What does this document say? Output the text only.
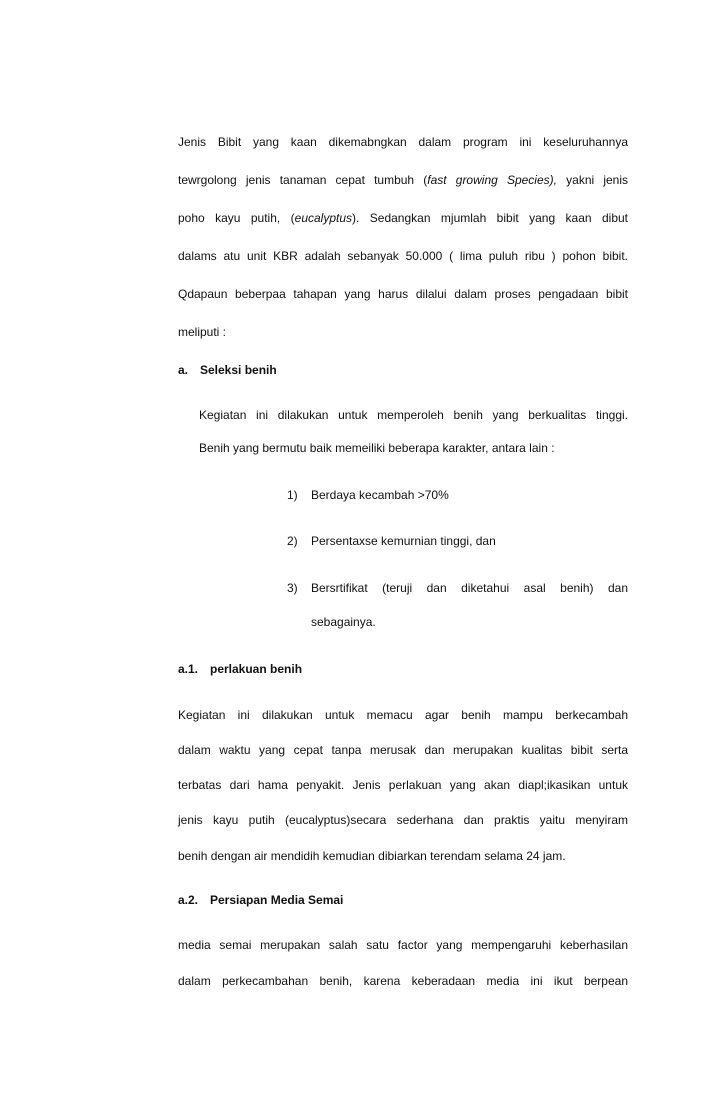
Jenis Bibit yang kaan dikemabngkan dalam program ini keseluruhannya
tewrgolong jenis tanaman cepat tumbuh (fast growing Species), yakni jenis
poho kayu putih, (eucalyptus). Sedangkan mjumlah bibit yang kaan dibut
dalams atu unit KBR adalah sebanyak 50.000 ( lima puluh ribu ) pohon bibit.
Qdapaun beberpaa tahapan yang harus dilalui dalam proses pengadaan bibit
meliputi :
a. Seleksi benih
Kegiatan ini dilakukan untuk memperoleh benih yang berkualitas tinggi.
Benih yang bermutu baik memeiliki beberapa karakter, antara lain :
1) Berdaya kecambah >70%
2) Persentaxse kemurnian tinggi, dan
3) Bersrtifikat (teruji dan diketahui asal benih) dan
sebagainya.
a.1. perlakuan benih
Kegiatan ini dilakukan untuk memacu agar benih mampu berkecambah
dalam waktu yang cepat tanpa merusak dan merupakan kualitas bibit serta
terbatas dari hama penyakit. Jenis perlakuan yang akan diapl;ikasikan untuk
jenis kayu putih (eucalyptus)secara sederhana dan praktis yaitu menyiram
benih dengan air mendidih kemudian dibiarkan terendam selama 24 jam.
a.2. Persiapan Media Semai
media semai merupakan salah satu factor yang mempengaruhi keberhasilan
dalam perkecambahan benih, karena keberadaan media ini ikut berpean
